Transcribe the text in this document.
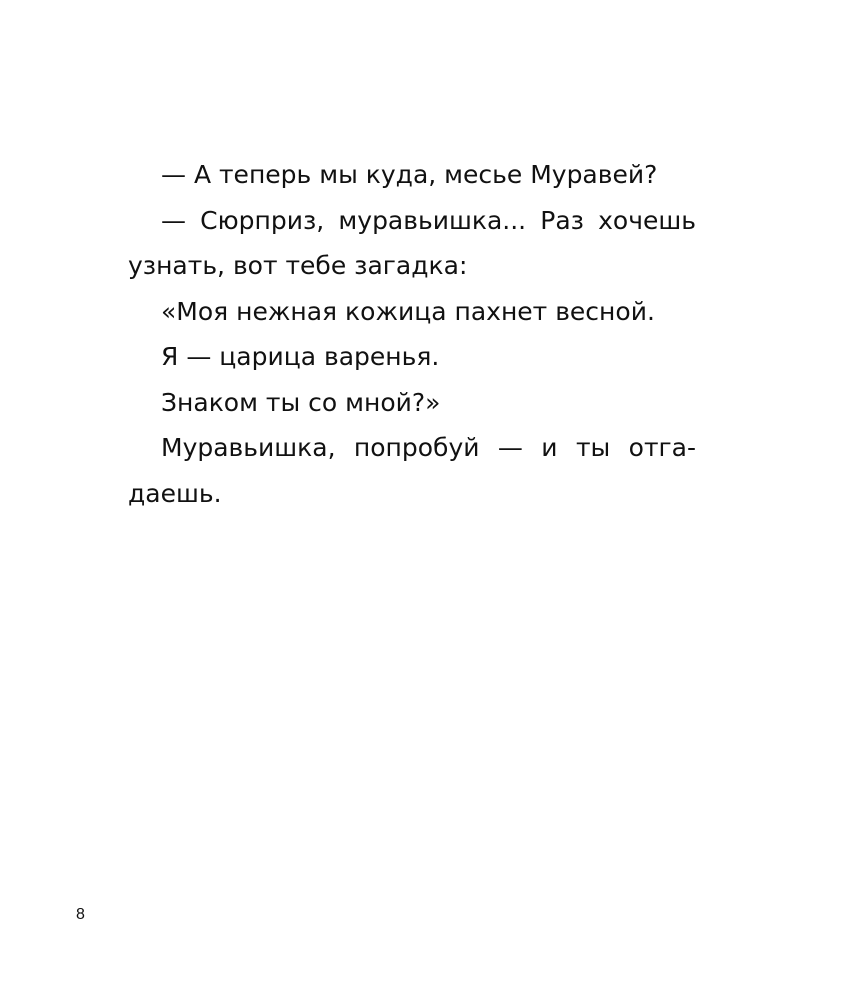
— А теперь мы куда, месье Муравей?
— Сюрприз, муравьишка... Раз хочешь
узнать, вот тебе загадка:
«Моя нежная кожица пахнет весной.
Я — царица варенья.
Знаком ты со мной?»
Муравьишка, попробуй — и ты отга-
даешь.
8
